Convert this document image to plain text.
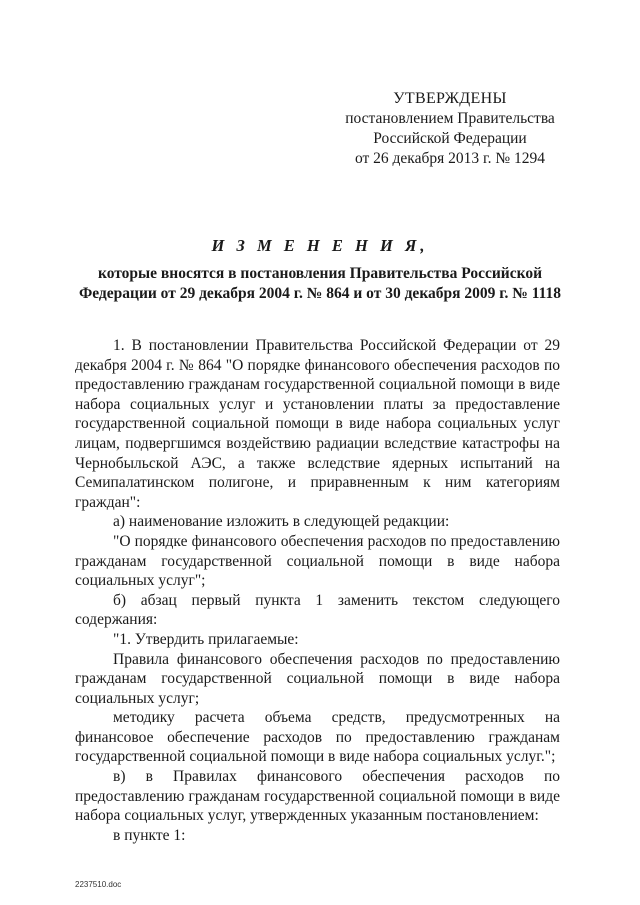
УТВЕРЖДЕНЫ
постановлением Правительства
Российской Федерации
от 26 декабря 2013 г. № 1294
И З М Е Н Е Н И Я,
которые вносятся в постановления Правительства Российской
Федерации от 29 декабря 2004 г. № 864 и от 30 декабря 2009 г. № 1118

1. В постановлении Правительства Российской Федерации от 29 декабря 2004 г. № 864 "О порядке финансового обеспечения расходов по предоставлению гражданам государственной социальной помощи в виде набора социальных услуг и установлении платы за предоставление государственной социальной помощи в виде набора социальных услуг лицам, подвергшимся воздействию радиации вследствие катастрофы на Чернобыльской АЭС, а также вследствие ядерных испытаний на Семипалатинском полигоне, и приравненным к ним категориям граждан":

а) наименование изложить в следующей редакции:

"О порядке финансового обеспечения расходов по предоставлению гражданам государственной социальной помощи в виде набора социальных услуг";

б) абзац первый пункта 1 заменить текстом следующего содержания:

"1. Утвердить прилагаемые:

Правила финансового обеспечения расходов по предоставлению гражданам государственной социальной помощи в виде набора социальных услуг;

методику расчета объема средств, предусмотренных на финансовое обеспечение расходов по предоставлению гражданам государственной социальной помощи в виде набора социальных услуг.";

в) в Правилах финансового обеспечения расходов по предоставлению гражданам государственной социальной помощи в виде набора социальных услуг, утвержденных указанным постановлением:

в пункте 1:

2237510.doc
